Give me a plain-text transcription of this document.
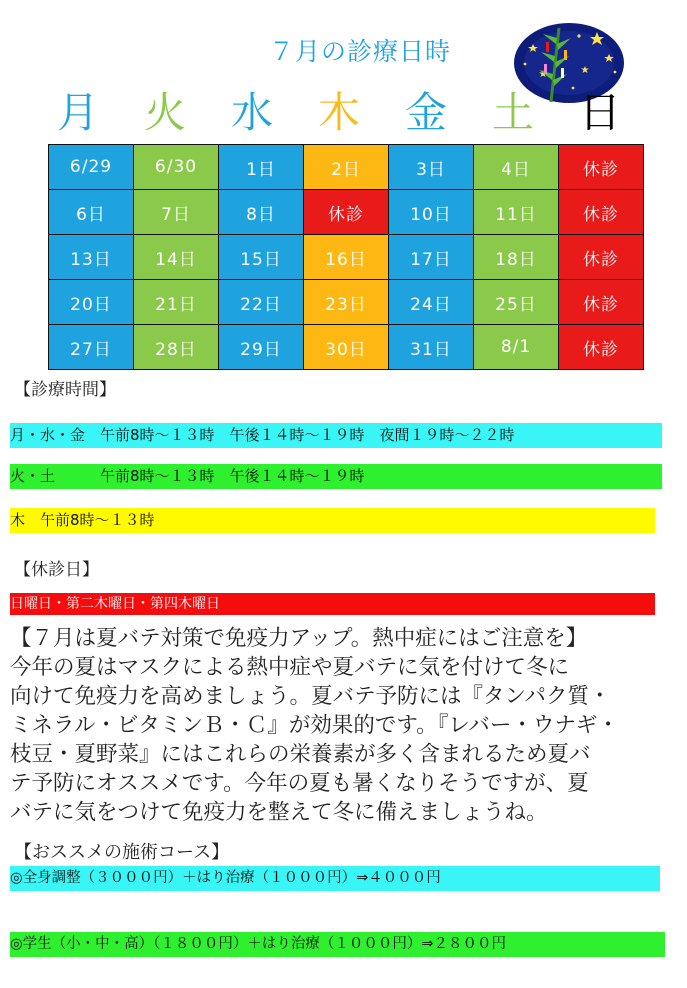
７月の診療日時
月 火 水 木 金 土 日
6/29	6/30	1日	2日	3日	4日	休診
6日	7日	8日	休診	10日	11日	休診
13日	14日	15日	16日	17日	18日	休診
20日	21日	22日	23日	24日	25日	休診
27日	28日	29日	30日	31日	8/1	休診
【診療時間】
月・水・金　午前8時〜１３時　午後１４時〜１９時　夜間１９時〜２２時
火・土　　　午前8時〜１３時　午後１４時〜１９時
木　午前8時〜１３時
【休診日】
日曜日・第二木曜日・第四木曜日

【７月は夏バテ対策で免疫力アップ。熱中症にはご注意を】

今年の夏はマスクによる熱中症や夏バテに気を付けて冬に

向けて免疫力を高めましょう。夏バテ予防には『タンパク質・

ミネラル・ビタミンＢ・Ｃ』が効果的です。『レバー・ウナギ・

枝豆・夏野菜』にはこれらの栄養素が多く含まれるため夏バ

テ予防にオススメです。今年の夏も暑くなりそうですが、夏

バテに気をつけて免疫力を整えて冬に備えましょうね。

【おススメの施術コース】
◎全身調整（３０００円）＋はり治療（１０００円）⇒４０００円
◎学生（小・中・高）（１８００円）＋はり治療（１０００円）⇒２８００円
